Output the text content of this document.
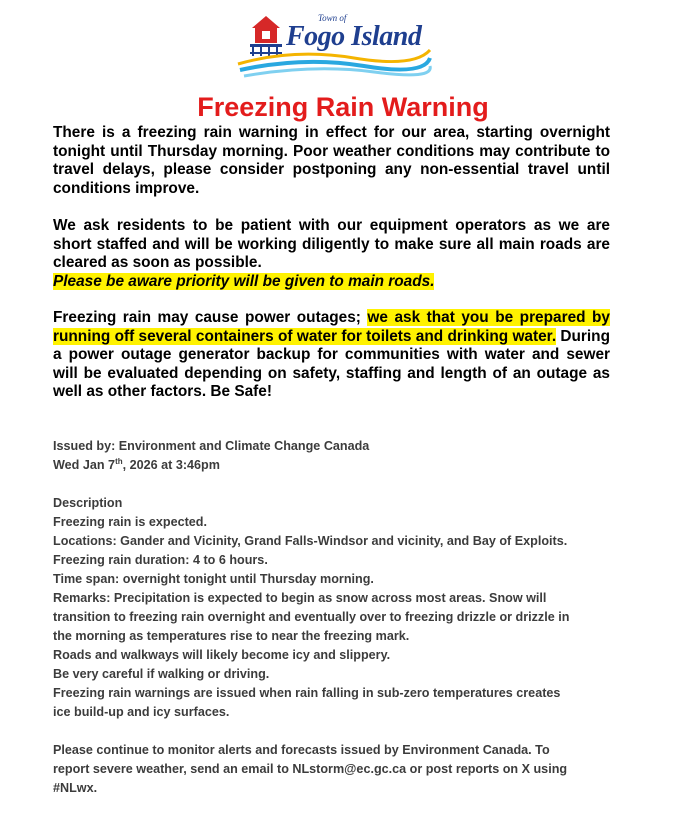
Town of
Fogo Island
Freezing Rain Warning

There is a freezing rain warning in effect for our area, starting overnight tonight until Thursday morning. Poor weather conditions may contribute to travel delays, please consider postponing any non-essential travel until conditions improve.

We ask residents to be patient with our equipment operators as we are short staffed and will be working diligently to make sure all main roads are cleared as soon as possible.
Please be aware priority will be given to main roads.

Freezing rain may cause power outages; we ask that you be prepared by running off several containers of water for toilets and drinking water. During a power outage generator backup for communities with water and sewer will be evaluated depending on safety, staffing and length of an outage as well as other factors. Be Safe!

Issued by: Environment and Climate Change Canada
Wed Jan 7th, 2026 at 3:46pm
Description
Freezing rain is expected.
Locations: Gander and Vicinity, Grand Falls-Windsor and vicinity, and Bay of Exploits.
Freezing rain duration: 4 to 6 hours.
Time span: overnight tonight until Thursday morning.
Remarks: Precipitation is expected to begin as snow across most areas. Snow will
transition to freezing rain overnight and eventually over to freezing drizzle or drizzle in
the morning as temperatures rise to near the freezing mark.
Roads and walkways will likely become icy and slippery.
Be very careful if walking or driving.
Freezing rain warnings are issued when rain falling in sub-zero temperatures creates
ice build-up and icy surfaces.
Please continue to monitor alerts and forecasts issued by Environment Canada. To
report severe weather, send an email to NLstorm@ec.gc.ca or post reports on X using
#NLwx.
